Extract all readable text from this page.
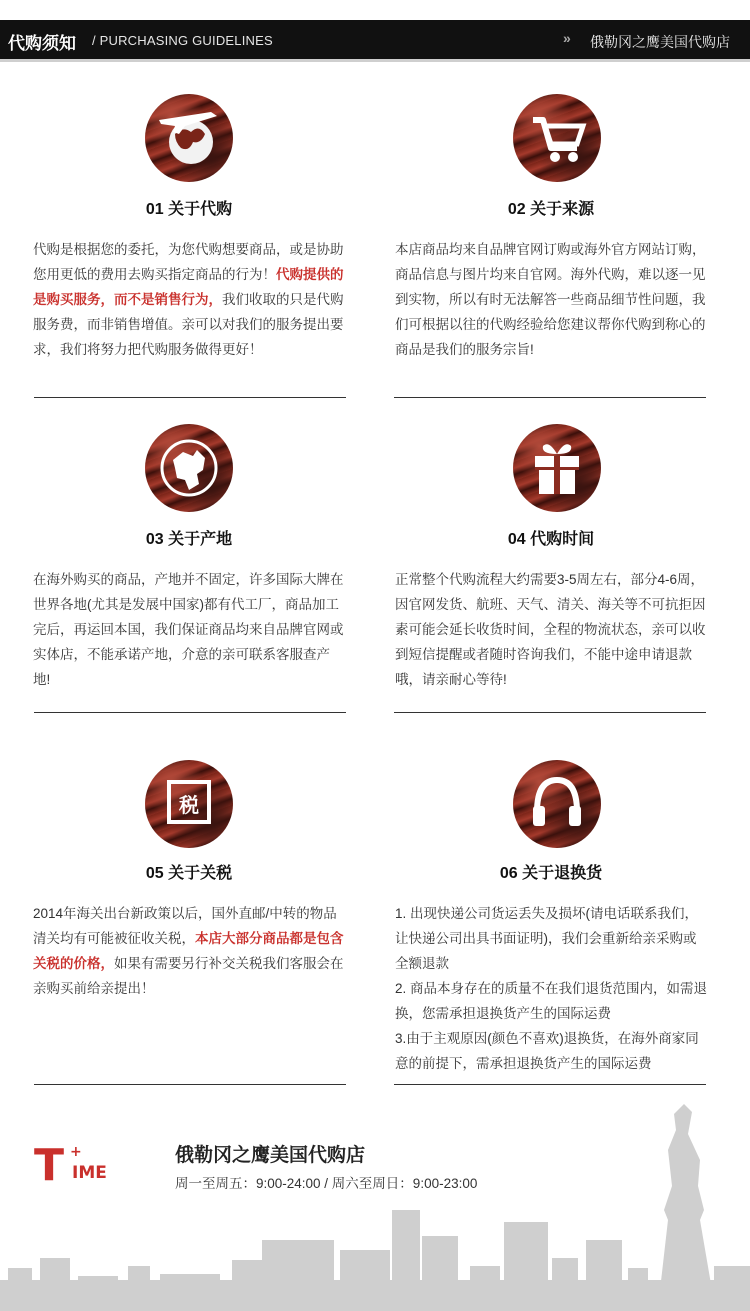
代购须知 / PURCHASING GUIDELINES	» 俄勒冈之鹰美国代购店
01 关于代购
代购是根据您的委托，为您代购想要商品，或是协助您用更低的费用去购买指定商品的行为！代购提供的是购买服务，而不是销售行为，我们收取的只是代购服务费，而非销售增值。亲可以对我们的服务提出要求，我们将努力把代购服务做得更好！
02 关于来源
本店商品均来自品牌官网订购或海外官方网站订购，商品信息与图片均来自官网。海外代购，难以逐一见到实物，所以有时无法解答一些商品细节性问题，我们可根据以往的代购经验给您建议帮你代购到称心的商品是我们的服务宗旨!
03 关于产地
在海外购买的商品，产地并不固定，许多国际大牌在世界各地(尤其是发展中国家)都有代工厂，商品加工完后，再运回本国，我们保证商品均来自品牌官网或实体店，不能承诺产地，介意的亲可联系客服查产地!
04 代购时间
正常整个代购流程大约需要3-5周左右，部分4-6周，因官网发货、航班、天气、清关、海关等不可抗拒因素可能会延长收货时间，全程的物流状态，亲可以收到短信提醒或者随时咨询我们，不能中途申请退款哦，请亲耐心等待!
税
05 关于关税
2014年海关出台新政策以后，国外直邮/中转的物品清关均有可能被征收关税，本店大部分商品都是包含关税的价格，如果有需要另行补交关税我们客服会在亲购买前给亲提出！
06 关于退换货
1. 出现快递公司货运丢失及损坏(请电话联系我们，让快递公司出具书面证明)，我们会重新给亲采购或全额退款
2. 商品本身存在的质量不在我们退货范围内，如需退换，您需承担退换货产生的国际运费
3.由于主观原因(颜色不喜欢)退换货，在海外商家同意的前提下，需承担退换货产生的国际运费
T +
IME
俄勒冈之鹰美国代购店
周一至周五：9:00-24:00 / 周六至周日：9:00-23:00
